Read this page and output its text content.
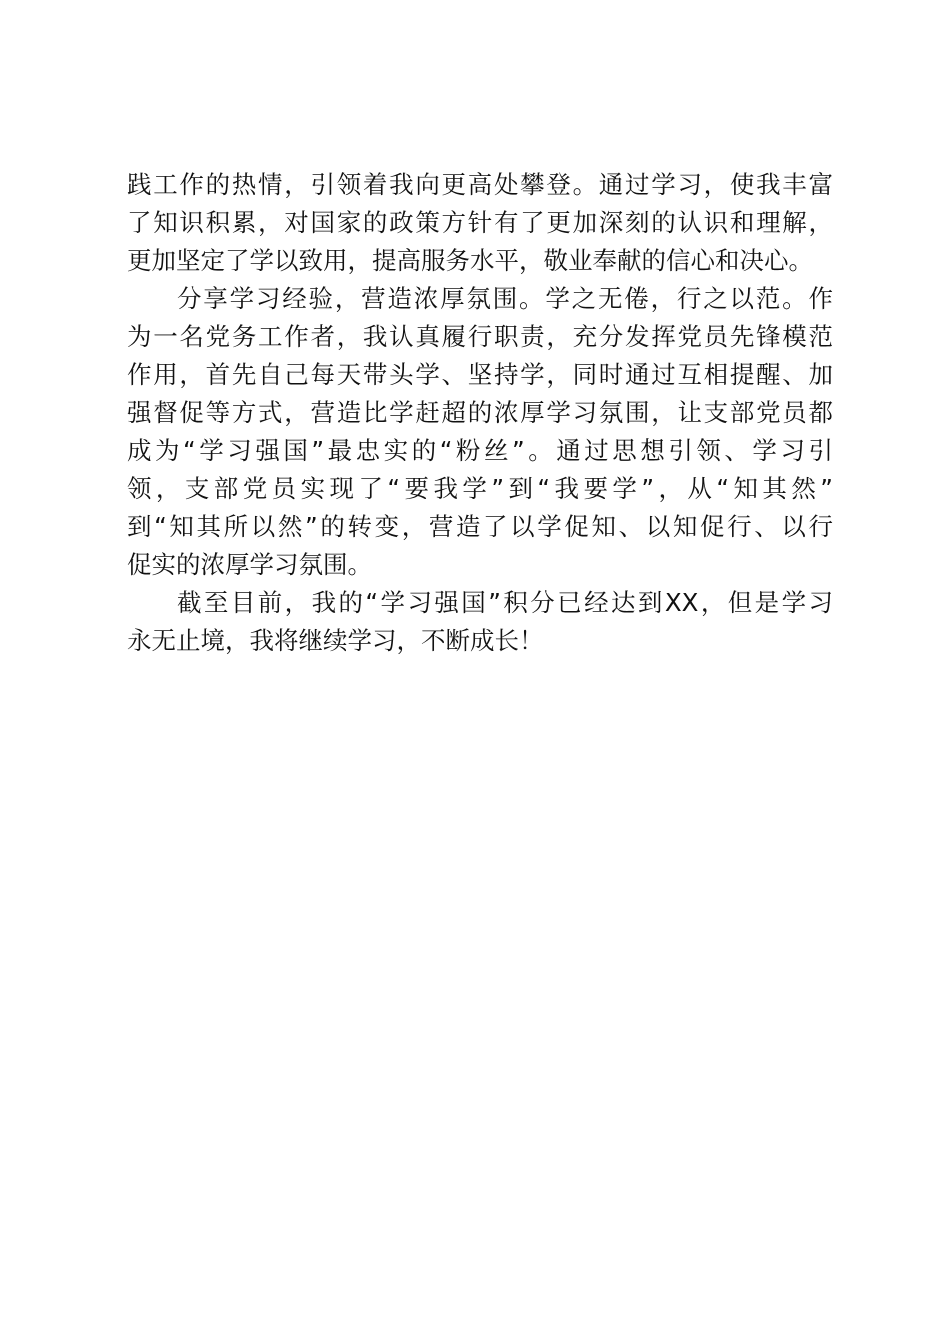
践工作的热情，引领着我向更高处攀登。通过学习，使我丰富
了知识积累，对国家的政策方针有了更加深刻的认识和理解，
更加坚定了学以致用，提高服务水平，敬业奉献的信心和决心。
分享学习经验，营造浓厚氛围。学之无倦，行之以范。作
为一名党务工作者，我认真履行职责，充分发挥党员先锋模范
作用，首先自己每天带头学、坚持学，同时通过互相提醒、加
强督促等方式，营造比学赶超的浓厚学习氛围，让支部党员都
成为“学习强国”最忠实的“粉丝”。通过思想引领、学习引
领，支部党员实现了“要我学”到“我要学”，从“知其然”
到“知其所以然”的转变，营造了以学促知、以知促行、以行
促实的浓厚学习氛围。
截至目前，我的“学习强国”积分已经达到XX，但是学习
永无止境，我将继续学习，不断成长！
